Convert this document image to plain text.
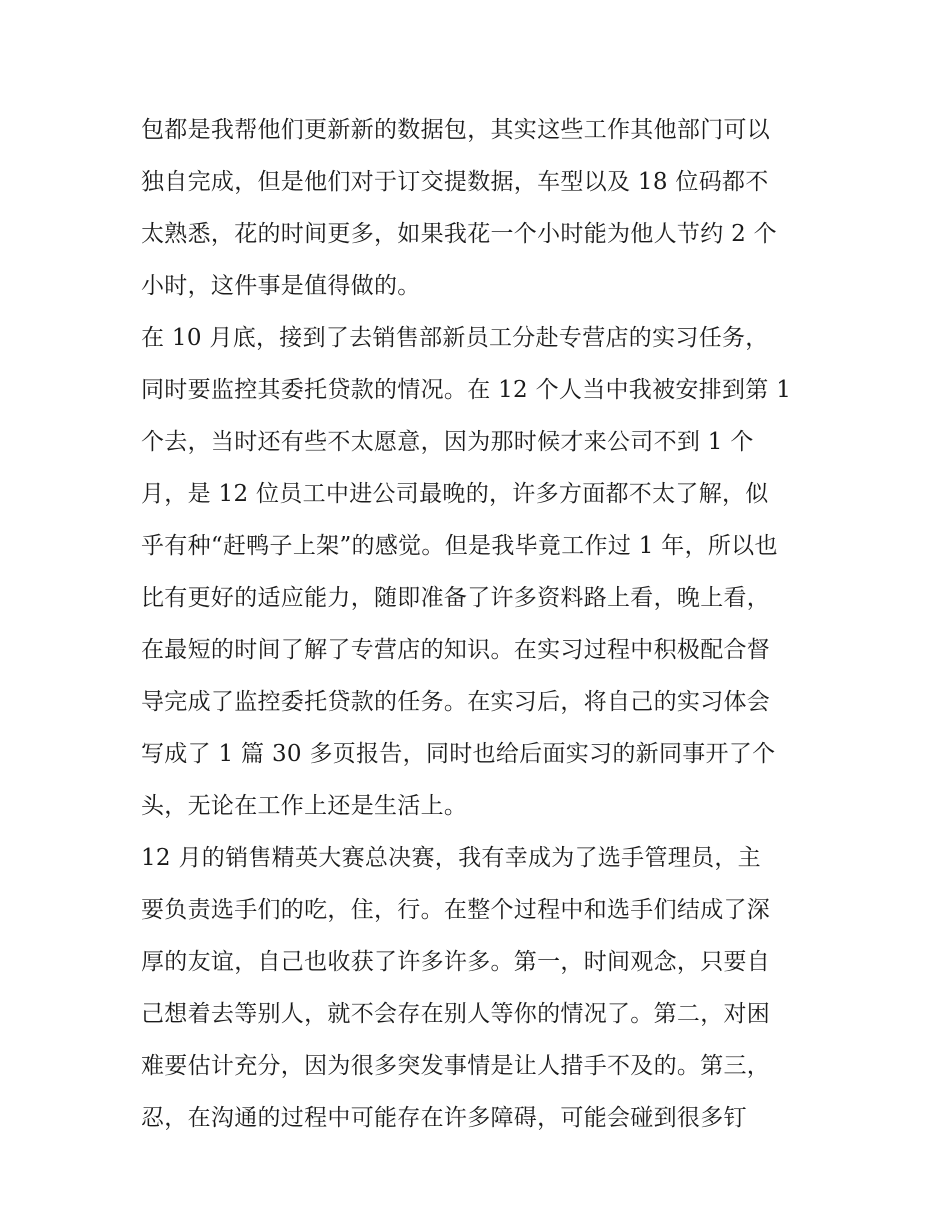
包都是我帮他们更新新的数据包，其实这些工作其他部门可以
独自完成，但是他们对于订交提数据，车型以及 18 位码都不
太熟悉，花的时间更多，如果我花一个小时能为他人节约 2 个
小时，这件事是值得做的。
在 10 月底，接到了去销售部新员工分赴专营店的实习任务，
同时要监控其委托贷款的情况。在 12 个人当中我被安排到第 1
个去，当时还有些不太愿意，因为那时候才来公司不到 1 个
月，是 12 位员工中进公司最晚的，许多方面都不太了解，似
乎有种“赶鸭子上架”的感觉。但是我毕竟工作过 1 年，所以也
比有更好的适应能力，随即准备了许多资料路上看，晚上看，
在最短的时间了解了专营店的知识。在实习过程中积极配合督
导完成了监控委托贷款的任务。在实习后，将自己的实习体会
写成了 1 篇 30 多页报告，同时也给后面实习的新同事开了个
头，无论在工作上还是生活上。
12 月的销售精英大赛总决赛，我有幸成为了选手管理员，主
要负责选手们的吃，住，行。在整个过程中和选手们结成了深
厚的友谊，自己也收获了许多许多。第一，时间观念，只要自
己想着去等别人，就不会存在别人等你的情况了。第二，对困
难要估计充分，因为很多突发事情是让人措手不及的。第三，
忍，在沟通的过程中可能存在许多障碍，可能会碰到很多钉
